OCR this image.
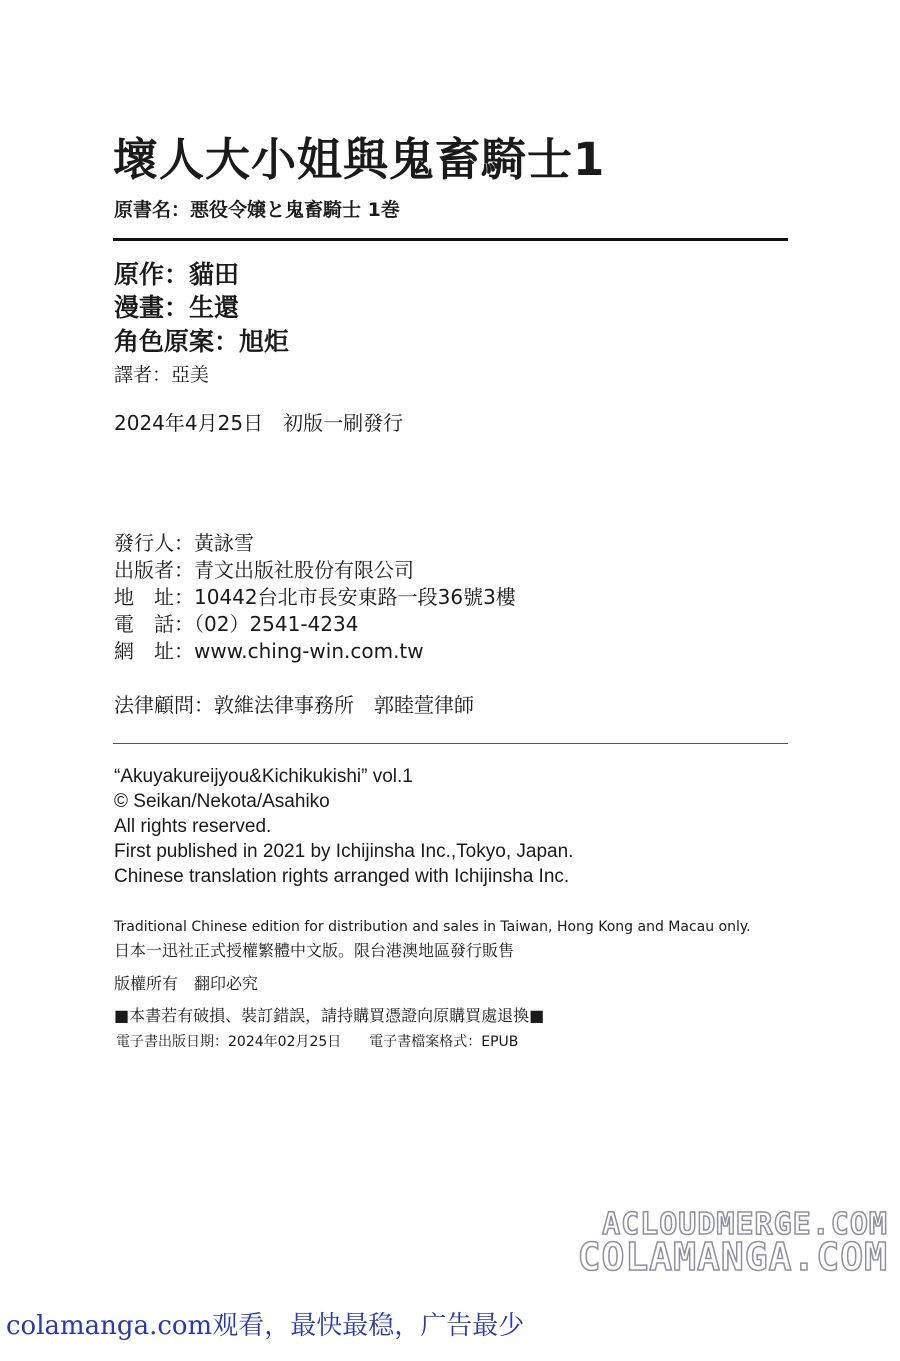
壞人大小姐與鬼畜騎士1
原書名：悪役令嬢と鬼畜騎士 1巻
原作：貓田
漫畫：生還
角色原案：旭炬
譯者：亞美
2024年4月25日　初版一刷發行
發行人：黃詠雪
出版者：青文出版社股份有限公司
地　址：10442台北市長安東路一段36號3樓
電　話：（02）2541-4234
網　址：www.ching-win.com.tw
法律顧問：敦維法律事務所　郭睦萱律師
“Akuyakureijyou&Kichikukishi” vol.1
© Seikan/Nekota/Asahiko
All rights reserved.
First published in 2021 by Ichijinsha Inc.,Tokyo, Japan.
Chinese translation rights arranged with Ichijinsha Inc.
Traditional Chinese edition for distribution and sales in Taiwan, Hong Kong and Macau only.
日本一迅社正式授權繁體中文版。限台港澳地區發行販售
版權所有　翻印必究
■本書若有破損、裝訂錯誤，請持購買憑證向原購買處退換■
電子書出版日期：2024年02月25日　　電子書檔案格式：EPUB
ACLOUDMERGE.COM
COLAMANGA.COM
colamanga.com观看，最快最稳，广告最少
